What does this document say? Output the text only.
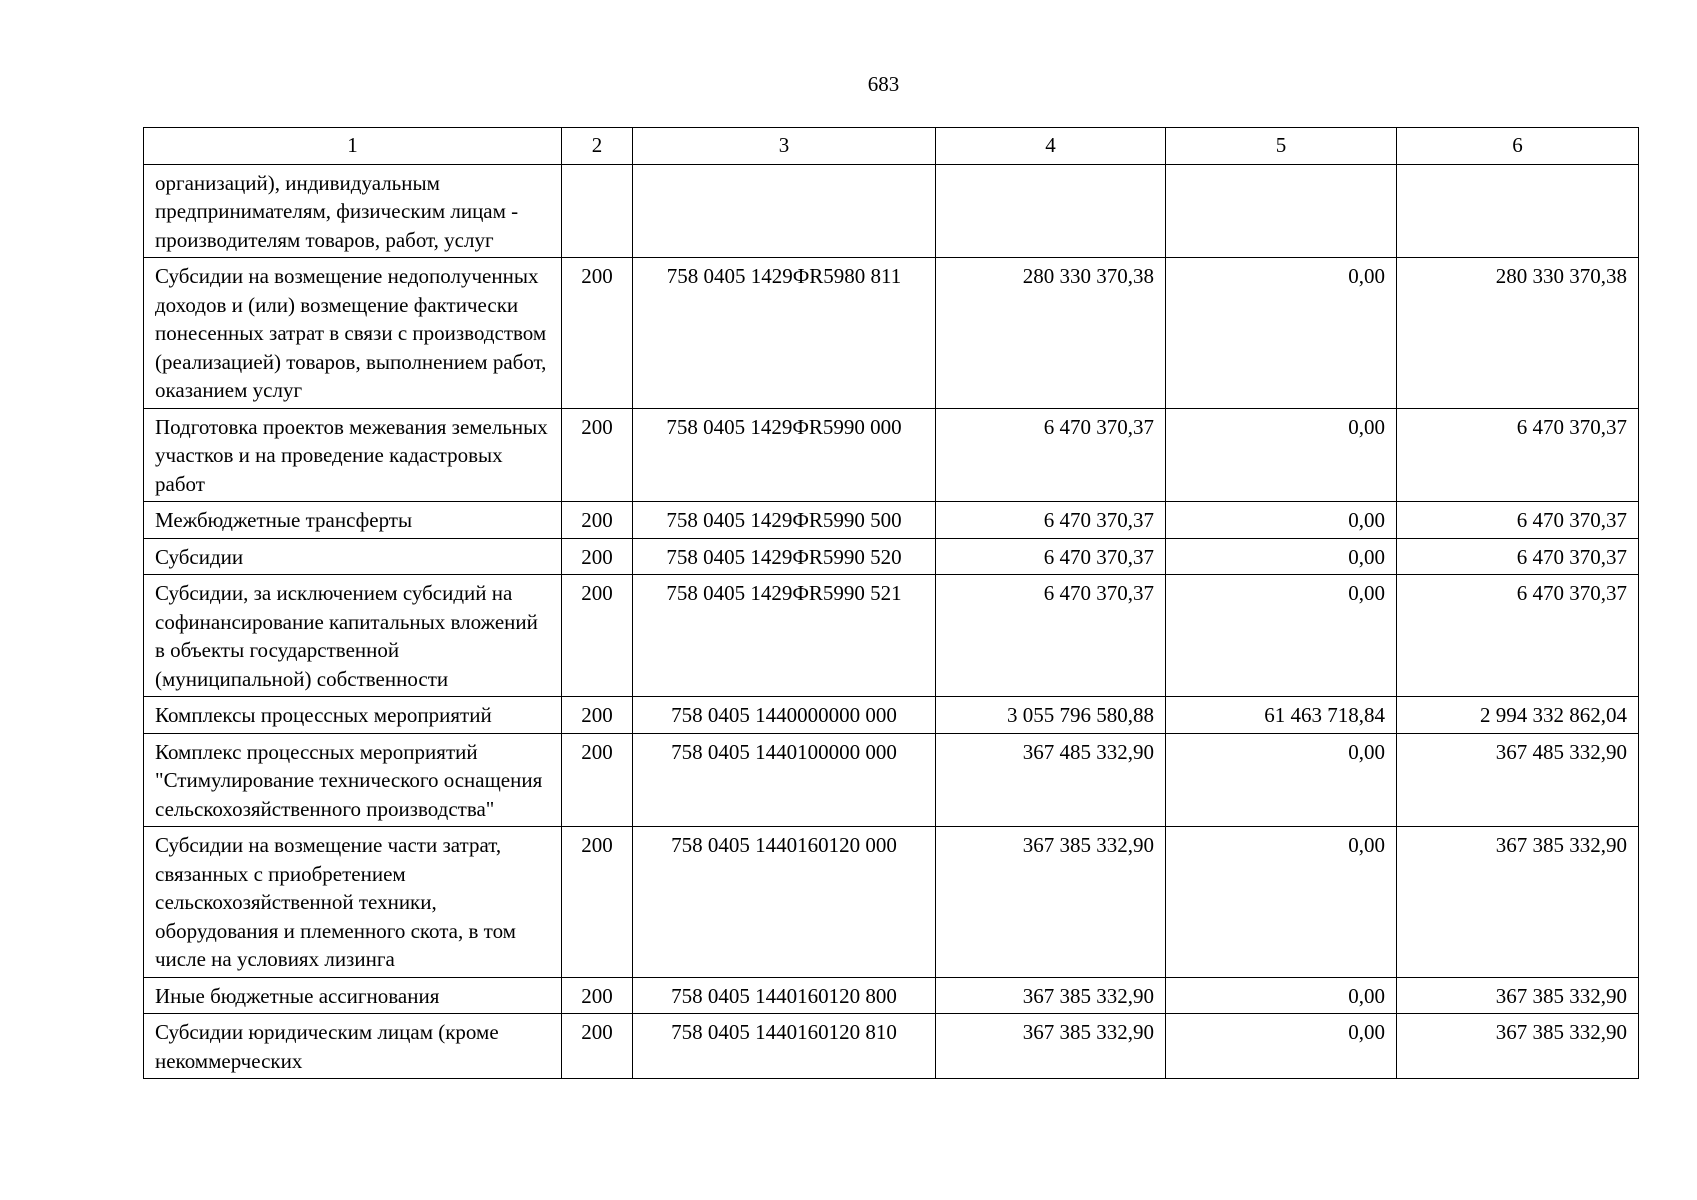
683
1	2	3	4	5	6
организаций), индивидуальным предпринимателям, физическим лицам - производителям товаров, работ, услуг					
Субсидии на возмещение недополученных доходов и (или) возмещение фактически понесенных затрат в связи с производством (реализацией) товаров, выполнением работ, оказанием услуг	200	758 0405 1429ФR5980 811	280 330 370,38	0,00	280 330 370,38
Подготовка проектов межевания земельных участков и на проведение кадастровых работ	200	758 0405 1429ФR5990 000	6 470 370,37	0,00	6 470 370,37
Межбюджетные трансферты	200	758 0405 1429ФR5990 500	6 470 370,37	0,00	6 470 370,37
Субсидии	200	758 0405 1429ФR5990 520	6 470 370,37	0,00	6 470 370,37
Субсидии, за исключением субсидий на софинансирование капитальных вложений в объекты государственной (муниципальной) собственности	200	758 0405 1429ФR5990 521	6 470 370,37	0,00	6 470 370,37
Комплексы процессных мероприятий	200	758 0405 1440000000 000	3 055 796 580,88	61 463 718,84	2 994 332 862,04
Комплекс процессных мероприятий "Стимулирование технического оснащения сельскохозяйственного производства"	200	758 0405 1440100000 000	367 485 332,90	0,00	367 485 332,90
Субсидии на возмещение части затрат, связанных с приобретением сельскохозяйственной техники, оборудования и племенного скота, в том числе на условиях лизинга	200	758 0405 1440160120 000	367 385 332,90	0,00	367 385 332,90
Иные бюджетные ассигнования	200	758 0405 1440160120 800	367 385 332,90	0,00	367 385 332,90
Субсидии юридическим лицам (кроме некоммерческих	200	758 0405 1440160120 810	367 385 332,90	0,00	367 385 332,90
